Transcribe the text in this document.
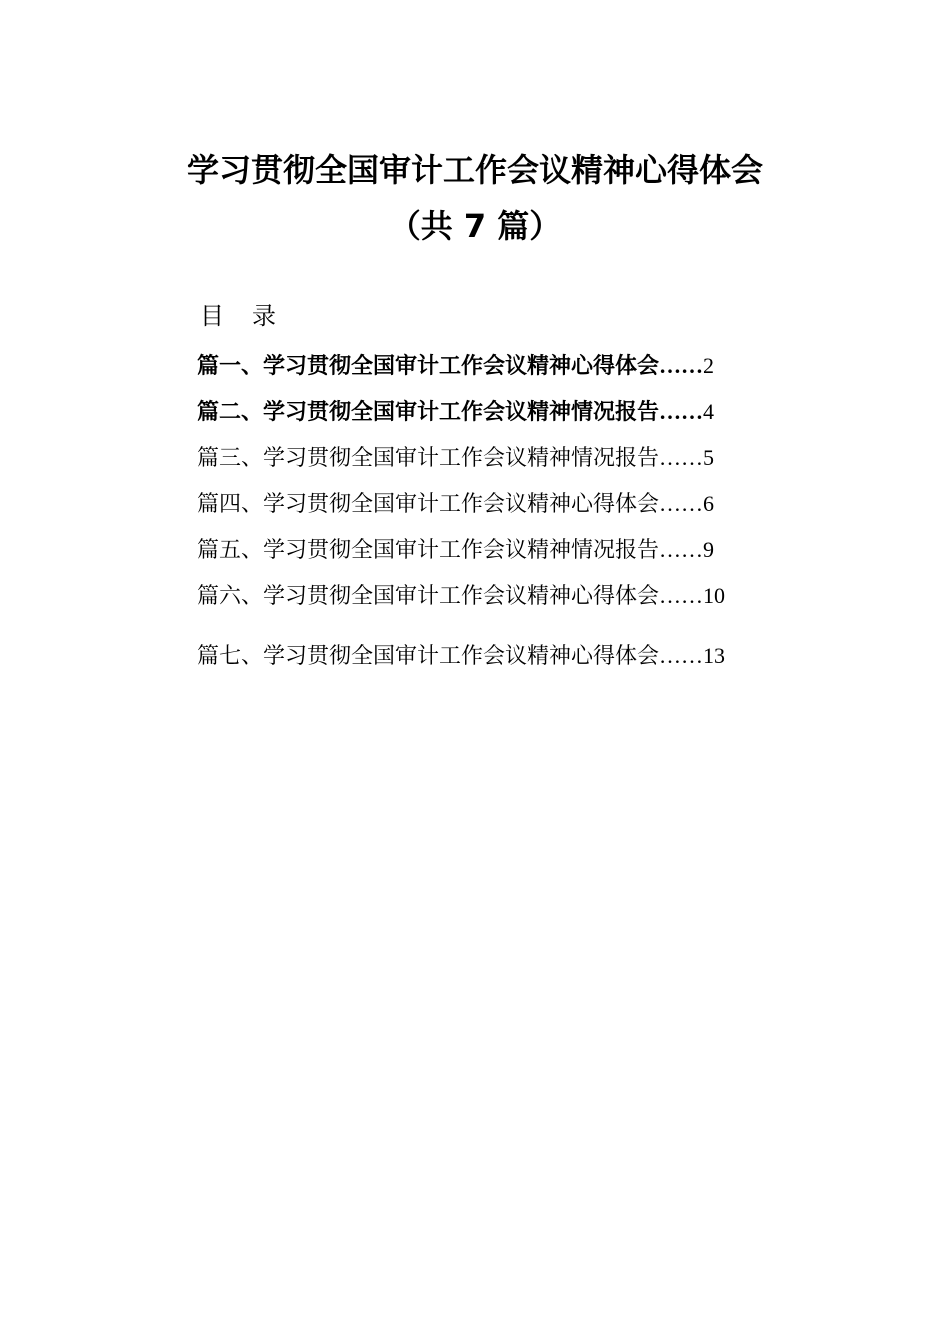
学习贯彻全国审计工作会议精神心得体会
（共 7 篇）
目 录
篇一、学习贯彻全国审计工作会议精神心得体会……2
篇二、学习贯彻全国审计工作会议精神情况报告……4
篇三、学习贯彻全国审计工作会议精神情况报告……5
篇四、学习贯彻全国审计工作会议精神心得体会……6
篇五、学习贯彻全国审计工作会议精神情况报告……9
篇六、学习贯彻全国审计工作会议精神心得体会……10
篇七、学习贯彻全国审计工作会议精神心得体会……13
